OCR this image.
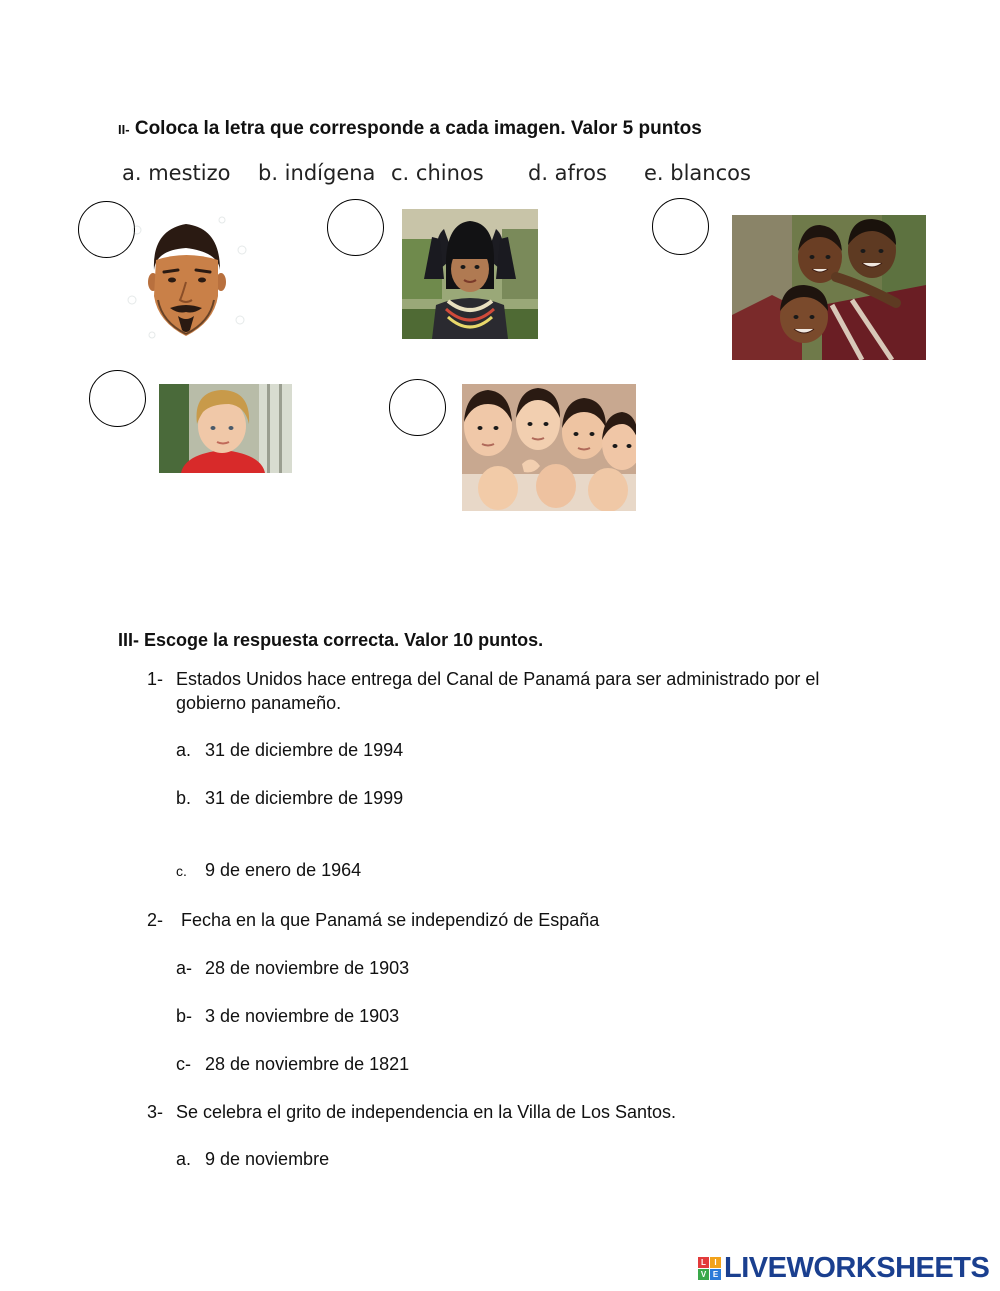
II- Coloca la letra que corresponde a cada imagen. Valor 5 puntos
a. mestizo b. indígena c. chinos d. afros e. blancos
III- Escoge la respuesta correcta. Valor 10 puntos.
1- Estados Unidos hace entrega del Canal de Panamá para ser administrado por el
gobierno panameño.
a. 31 de diciembre de 1994
b. 31 de diciembre de 1999
c. 9 de enero de 1964
2- Fecha en la que Panamá se independizó de España
a- 28 de noviembre de 1903
b- 3 de noviembre de 1903
c- 28 de noviembre de 1821
3- Se celebra el grito de independencia en la Villa de Los Santos.
a. 9 de noviembre
L	I
V E LIVEWORKSHEETS
